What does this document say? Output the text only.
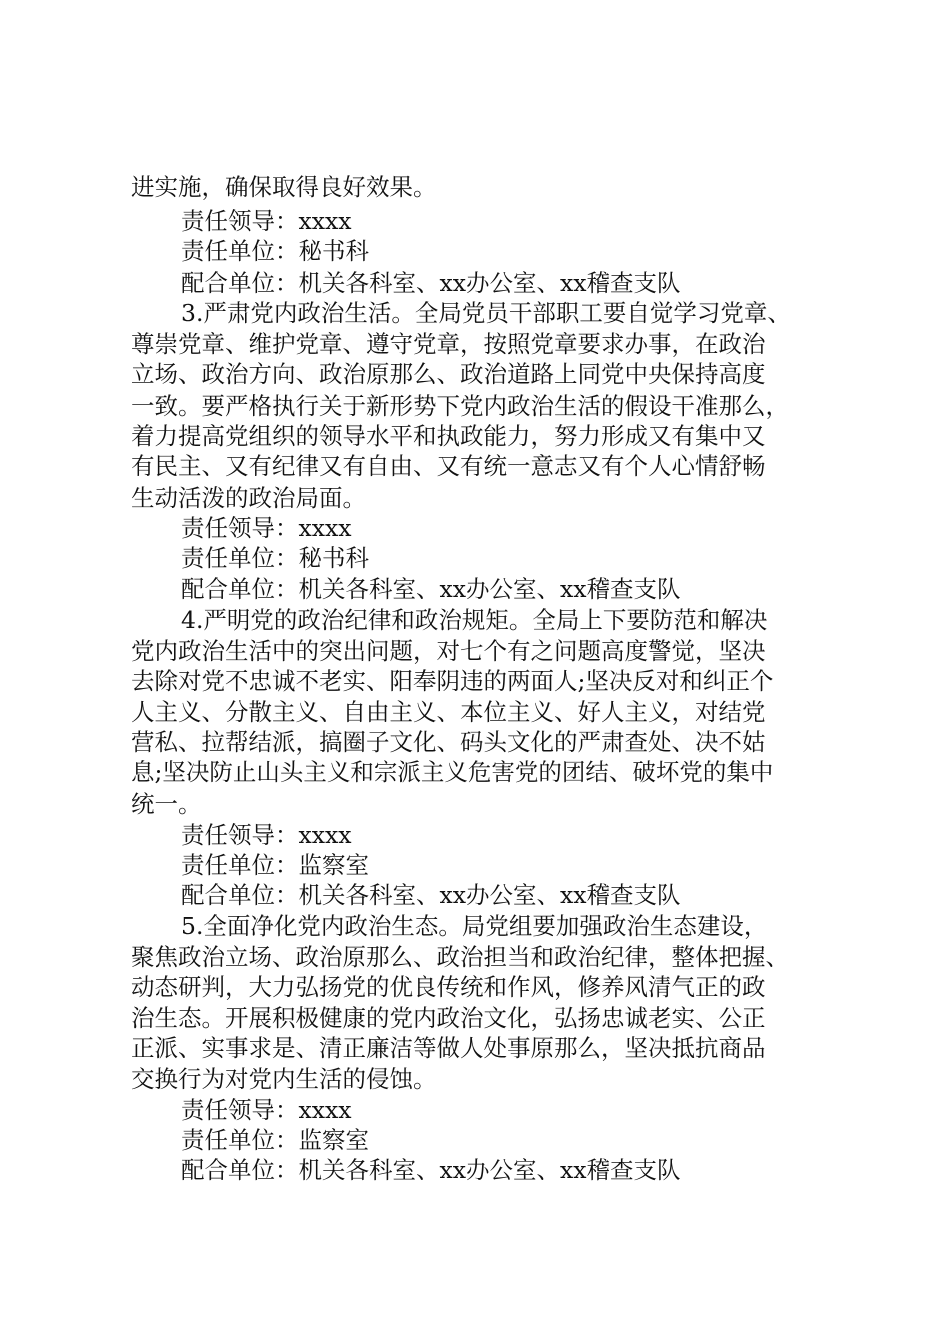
进实施，确保取得良好效果。
责任领导：xxxx
责任单位：秘书科
配合单位：机关各科室、xx办公室、xx稽查支队
3.严肃党内政治生活。全局党员干部职工要自觉学习党章、
尊崇党章、维护党章、遵守党章，按照党章要求办事，在政治
立场、政治方向、政治原那么、政治道路上同党中央保持高度
一致。要严格执行关于新形势下党内政治生活的假设干准那么，
着力提高党组织的领导水平和执政能力，努力形成又有集中又
有民主、又有纪律又有自由、又有统一意志又有个人心情舒畅
生动活泼的政治局面。
责任领导：xxxx
责任单位：秘书科
配合单位：机关各科室、xx办公室、xx稽查支队
4.严明党的政治纪律和政治规矩。全局上下要防范和解决
党内政治生活中的突出问题，对七个有之问题高度警觉，坚决
去除对党不忠诚不老实、阳奉阴违的两面人;坚决反对和纠正个
人主义、分散主义、自由主义、本位主义、好人主义，对结党
营私、拉帮结派，搞圈子文化、码头文化的严肃查处、决不姑
息;坚决防止山头主义和宗派主义危害党的团结、破坏党的集中
统一。
责任领导：xxxx
责任单位：监察室
配合单位：机关各科室、xx办公室、xx稽查支队
5.全面净化党内政治生态。局党组要加强政治生态建设，
聚焦政治立场、政治原那么、政治担当和政治纪律，整体把握、
动态研判，大力弘扬党的优良传统和作风，修养风清气正的政
治生态。开展积极健康的党内政治文化，弘扬忠诚老实、公正
正派、实事求是、清正廉洁等做人处事原那么，坚决抵抗商品
交换行为对党内生活的侵蚀。
责任领导：xxxx
责任单位：监察室
配合单位：机关各科室、xx办公室、xx稽查支队
